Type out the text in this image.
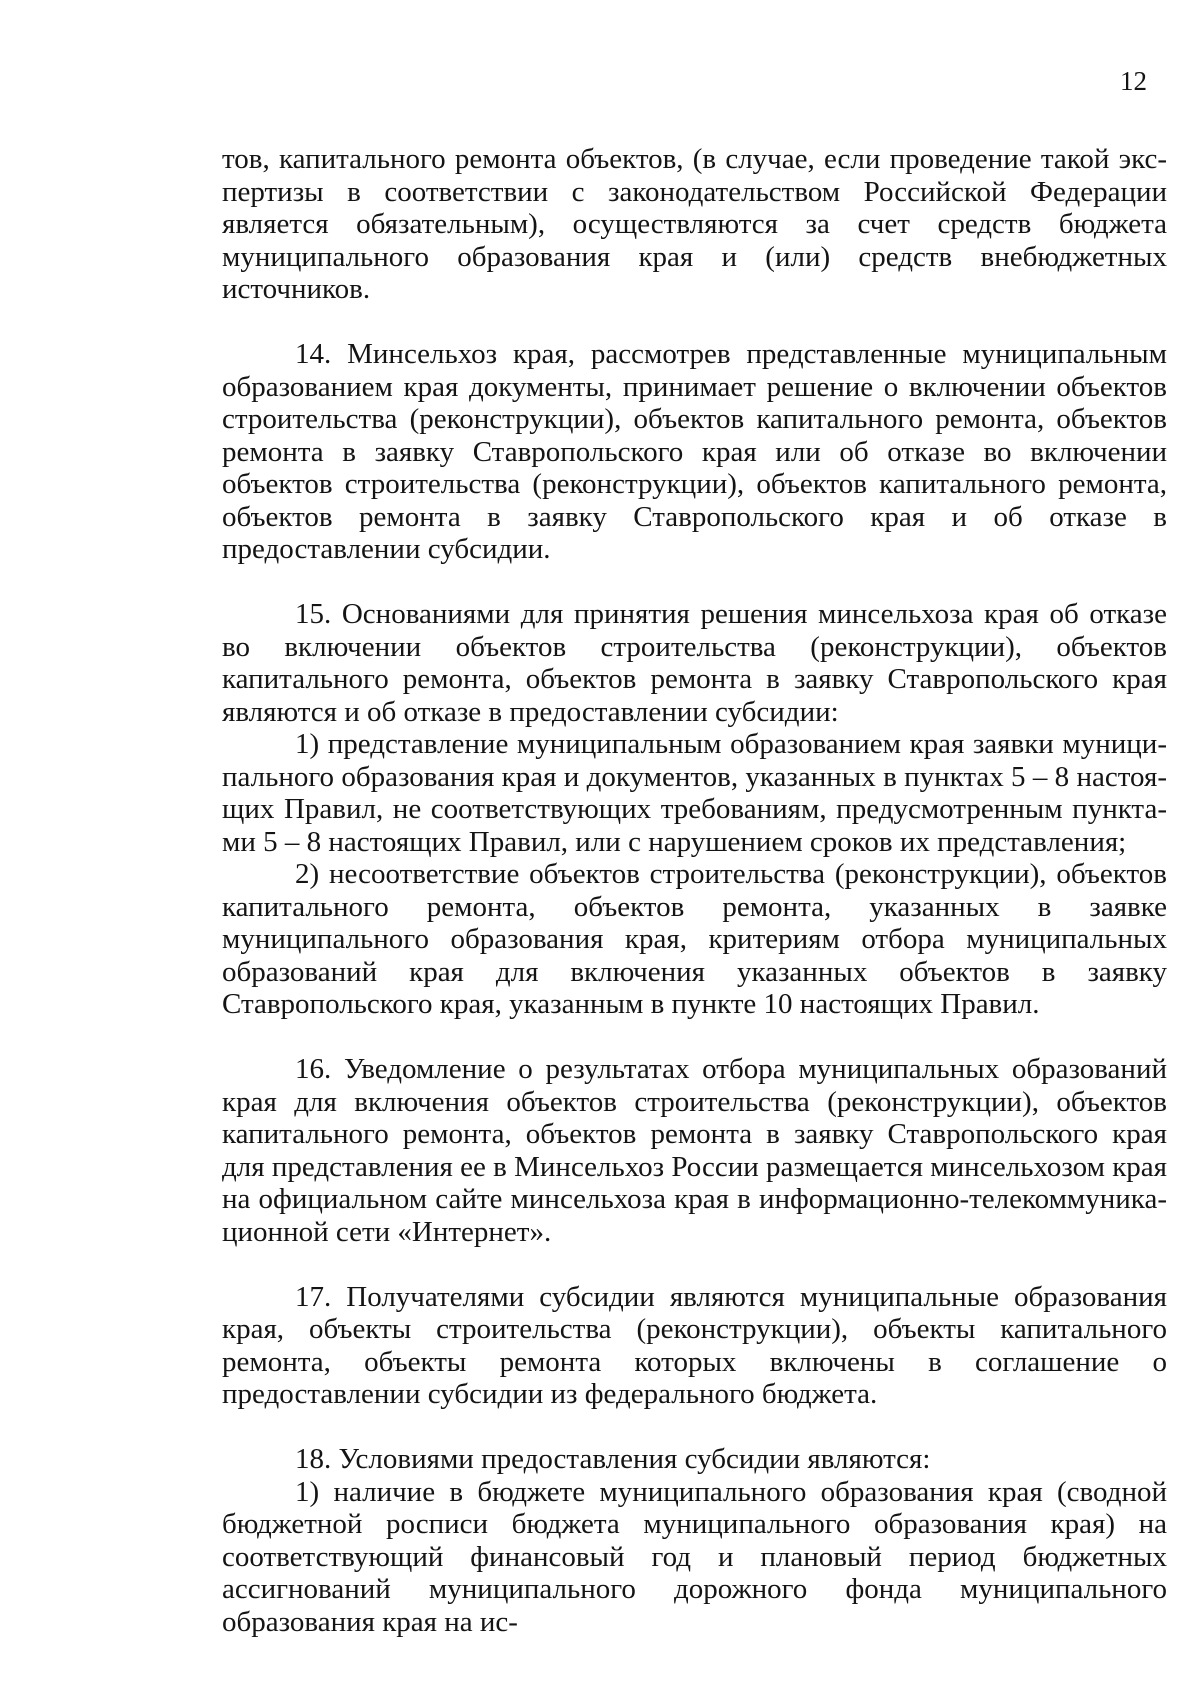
12

тов, капитального ремонта объектов, (в случае, если проведение такой экспертизы в соответствии с законодательством Российской Федерации является обязательным), осуществляются за счет средств бюджета муниципального образования края и (или) средств внебюджетных источников.

14. Минсельхоз края, рассмотрев представленные муниципальным образованием края документы, принимает решение о включении объектов строительства (реконструкции), объектов капитального ремонта, объектов ремонта в заявку Ставропольского края или об отказе во включении объектов строительства (реконструкции), объектов капитального ремонта, объектов ремонта в заявку Ставропольского края и об отказе в предоставлении субсидии.

15. Основаниями для принятия решения минсельхоза края об отказе во включении объектов строительства (реконструкции), объектов капитального ремонта, объектов ремонта в заявку Ставропольского края являются и об отказе в предоставлении субсидии:

1) представление муниципальным образованием края заявки муниципального образования края и документов, указанных в пунктах 5 – 8 настоящих Правил, не соответствующих требованиям, предусмотренным пунктами 5 – 8 настоящих Правил, или с нарушением сроков их представления;

2) несоответствие объектов строительства (реконструкции), объектов капитального ремонта, объектов ремонта, указанных в заявке муниципального образования края, критериям отбора муниципальных образований края для включения указанных объектов в заявку Ставропольского края, указанным в пункте 10 настоящих Правил.

16. Уведомление о результатах отбора муниципальных образований края для включения объектов строительства (реконструкции), объектов капитального ремонта, объектов ремонта в заявку Ставропольского края для представления ее в Минсельхоз России размещается минсельхозом края на официальном сайте минсельхоза края в информационно-телекоммуникационной сети «Интернет».

17. Получателями субсидии являются муниципальные образования края, объекты строительства (реконструкции), объекты капитального ремонта, объекты ремонта которых включены в соглашение о предоставлении субсидии из федерального бюджета.

18. Условиями предоставления субсидии являются:

1) наличие в бюджете муниципального образования края (сводной бюджетной росписи бюджета муниципального образования края) на соответствующий финансовый год и плановый период бюджетных ассигнований муниципального дорожного фонда муниципального образования края на ис-
